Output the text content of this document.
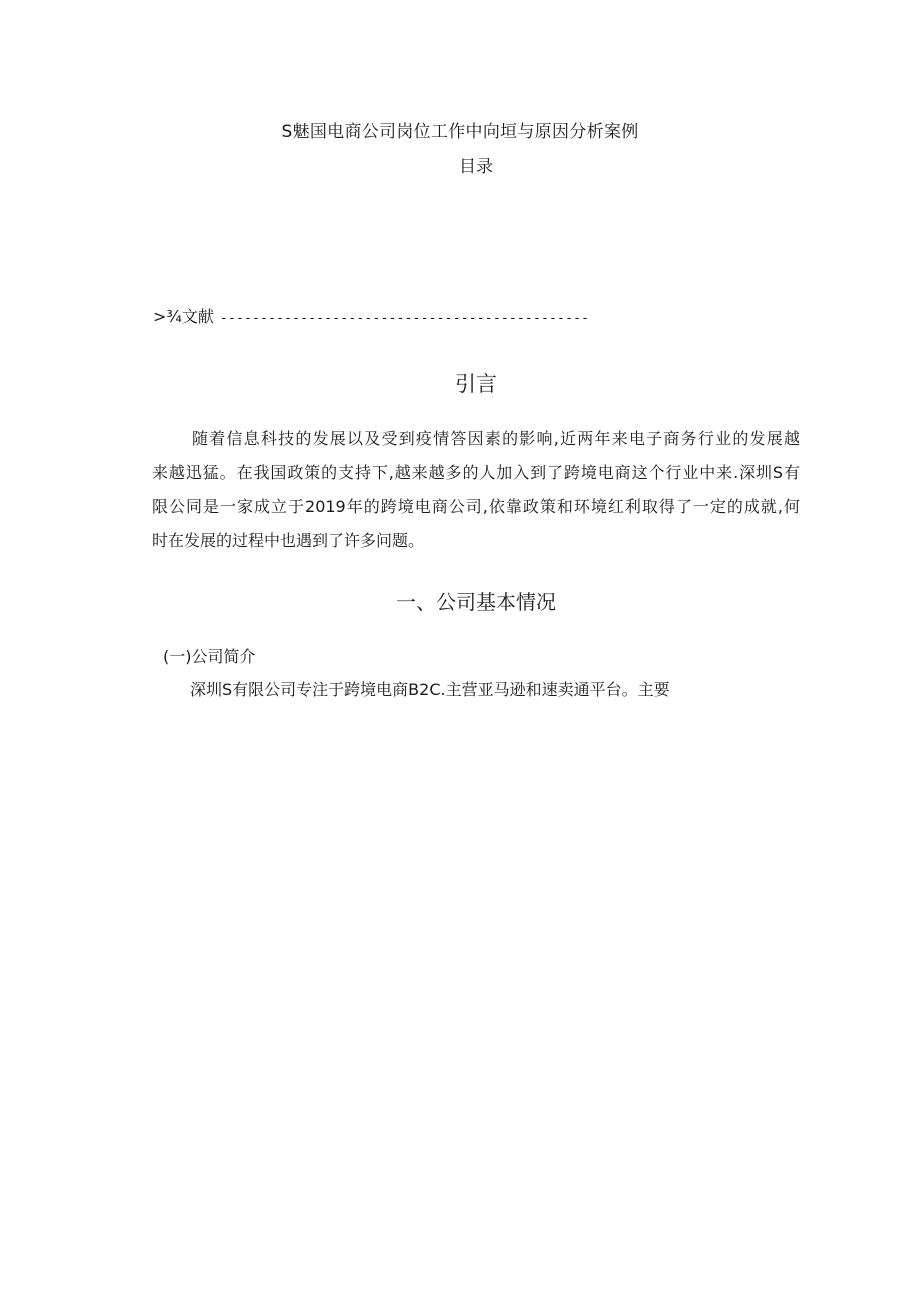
S魅国电商公司岗位工作中向垣与原因分析案例
目录
>¾文献 ----------------------------------------------
引言
随着信息科技的发展以及受到疫情答因素的影响,近两年来电子商务行业的发展越
来越迅猛。在我国政策的支持下,越来越多的人加入到了跨境电商这个行业中来.深圳S有
限公同是一家成立于2019年的跨境电商公司,依靠政策和环境红利取得了一定的成就,何
时在发展的过程中也遇到了许多问题。
一、公司基本情况
(一)公司简介
深圳S有限公司专注于跨境电商B2C.主营亚马逊和速卖通平台。主要
